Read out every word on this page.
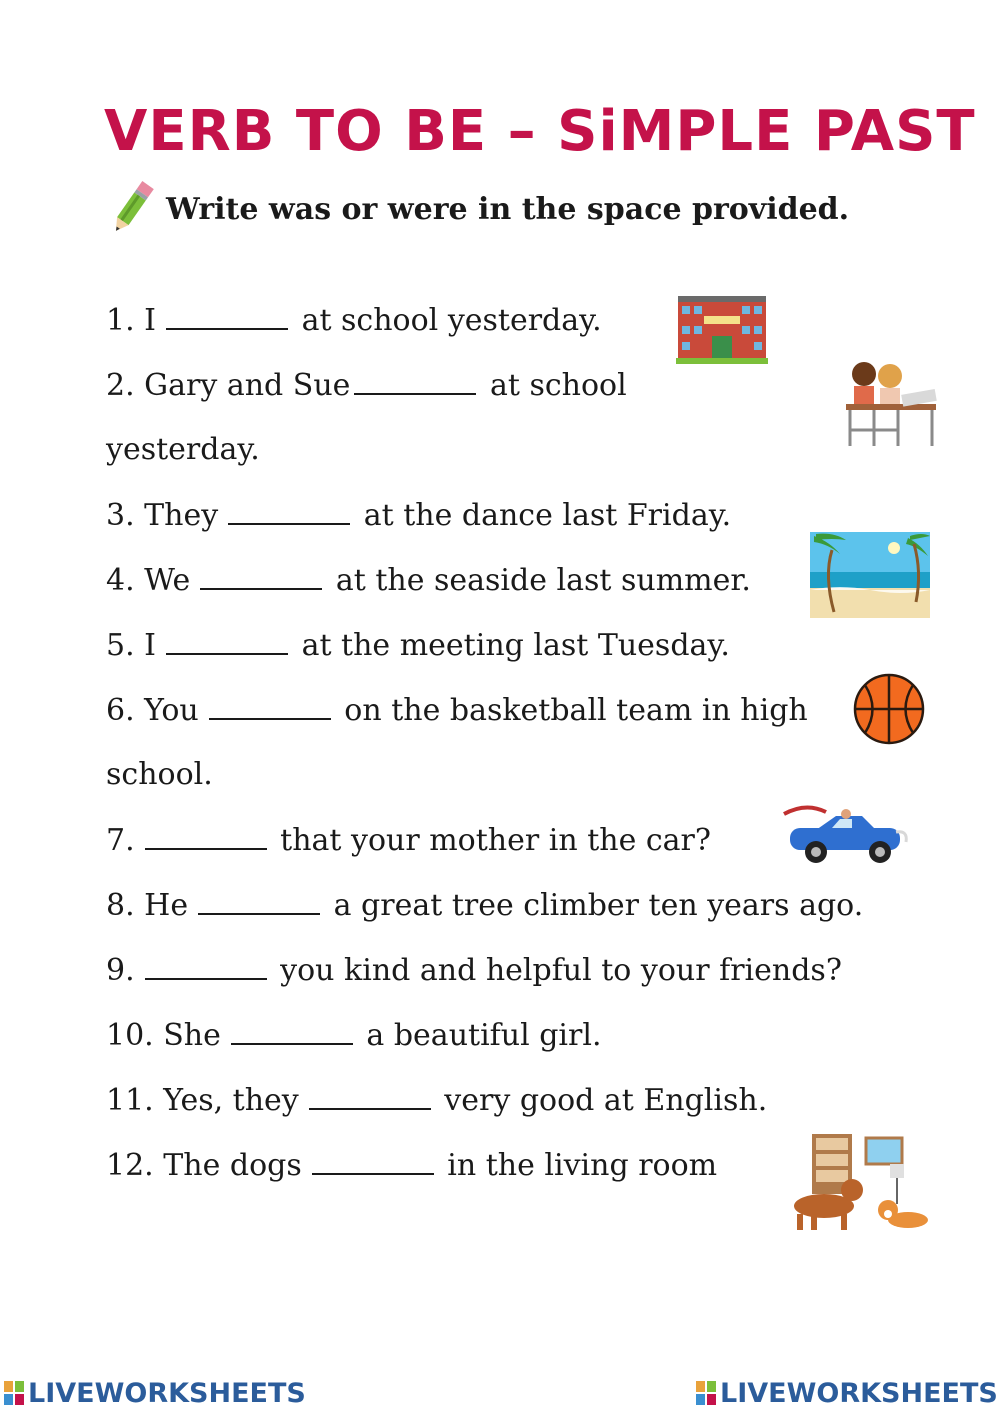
VERB TO BE – SiMPLE PAST
Write was or were in the space provided.
1. I	at school yesterday.
2. Gary and Sue	at school
yesterday.
3. They	at the dance last Friday.
4. We	at the seaside last summer.
5. I	at the meeting last Tuesday.
6. You	on the basketball team in high
school.
7.	that your mother in the car?
8. He	a great tree climber ten years ago.
9.	you kind and helpful to your friends?
10. She	a beautiful girl.
11. Yes, they	very good at English.
12. The dogs	in the living room
LIVEWORKSHEETS	LIVEWORKSHEETS
